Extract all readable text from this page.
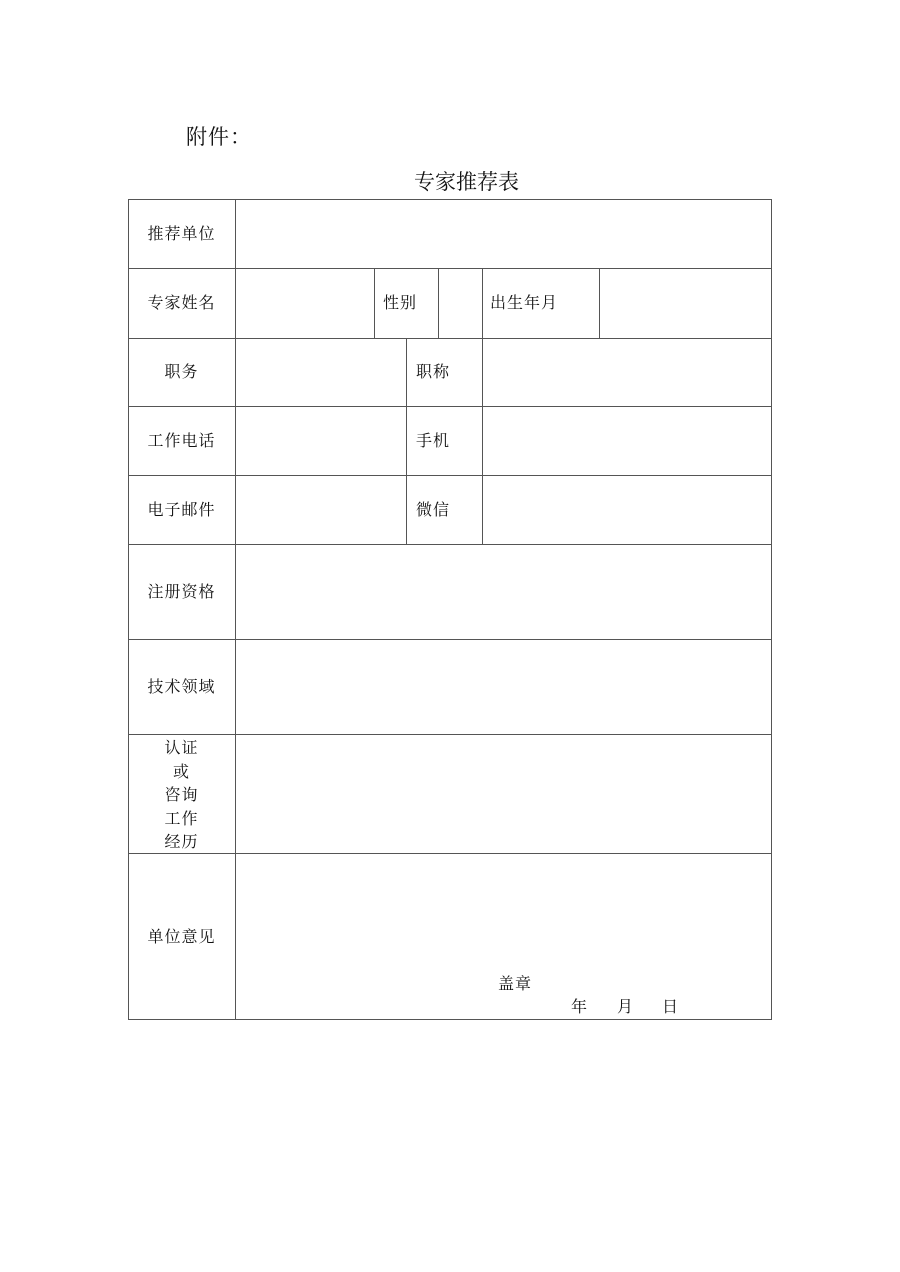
附件：
专家推荐表
推荐单位
专家姓名	性别	出生年月
职务	职称
工作电话	手机
电子邮件	微信
注册资格
技术领域
认证
或
咨询
工作
经历
单位意见
盖章
年 月 日
